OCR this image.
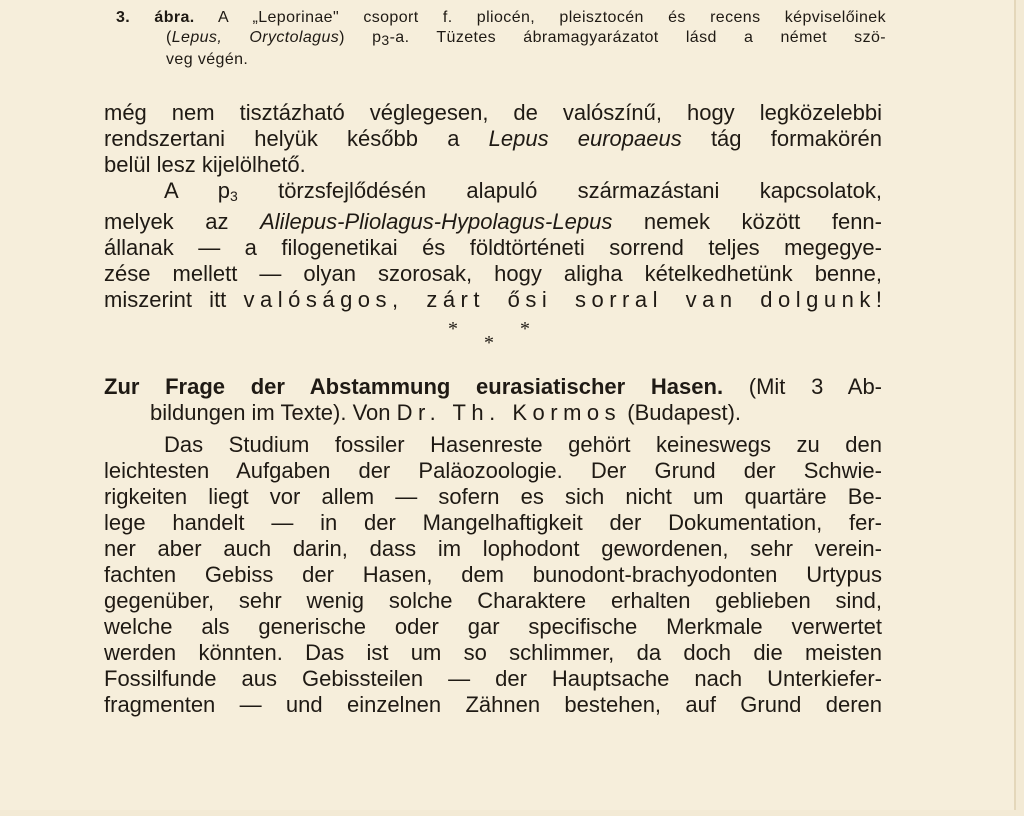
3. ábra. A „Leporinae" csoport f. pliocén, pleisztocén és recens képviselőinek
(Lepus, Oryctolagus) p3-a. Tüzetes ábramagyarázatot lásd a német szö-
veg végén.
még nem tisztázható véglegesen, de valószínű, hogy legközelebbi
rendszertani helyük később a Lepus europaeus tág formakörén
belül lesz kijelölhető.
A $p_3$ törzsfejlődésén alapuló származástani kapcsolatok,
melyek az Alilepus-Pliolagus-Hypolagus-Lepus nemek között fenn-
állanak — a filogenetikai és földtörténeti sorrend teljes megegye-
zése mellett — olyan szorosak, hogy aligha kételkedhetünk benne,
miszerint itt valóságos, zárt ősi sorral van dolgunk!
*
*
*
Zur Frage der Abstammung eurasiatischer Hasen. (Mit 3 Ab-
bildungen im Texte). Von Dr. Th. Kormos (Budapest).
Das Studium fossiler Hasenreste gehört keineswegs zu den
leichtesten Aufgaben der Paläozoologie. Der Grund der Schwie-
rigkeiten liegt vor allem — sofern es sich nicht um quartäre Be-
lege handelt — in der Mangelhaftigkeit der Dokumentation, fer-
ner aber auch darin, dass im lophodont gewordenen, sehr verein-
fachten Gebiss der Hasen, dem bunodont-brachyodonten Urtypus
gegenüber, sehr wenig solche Charaktere erhalten geblieben sind,
welche als generische oder gar specifische Merkmale verwertet
werden könnten. Das ist um so schlimmer, da doch die meisten
Fossilfunde aus Gebissteilen — der Hauptsache nach Unterkiefer-
fragmenten — und einzelnen Zähnen bestehen, auf Grund deren
